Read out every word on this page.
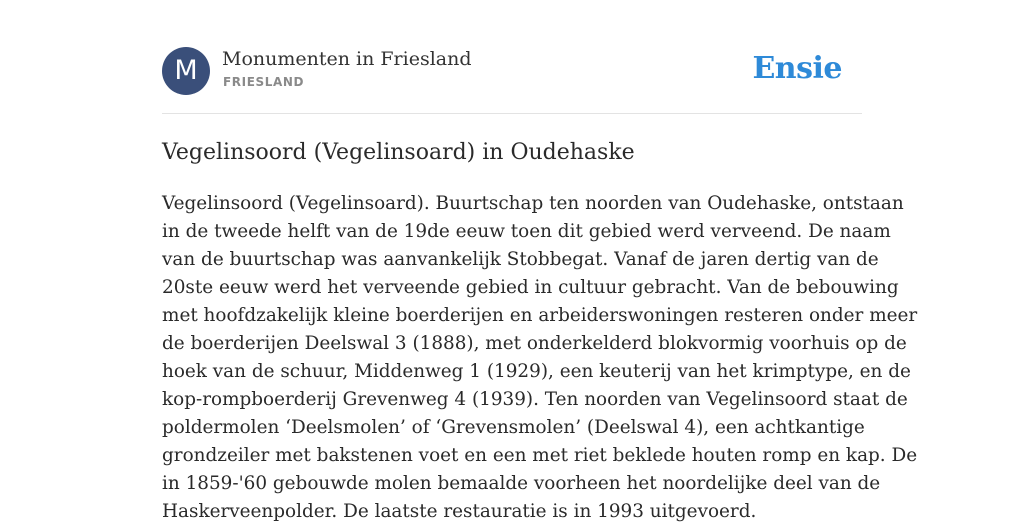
M	Monumenten in Friesland
FRIESLAND	Ensie
Vegelinsoord (Vegelinsoard) in Oudehaske
Vegelinsoord (Vegelinsoard). Buurtschap ten noorden van Oudehaske, ontstaan
in de tweede helft van de 19de eeuw toen dit gebied werd verveend. De naam
van de buurtschap was aanvankelijk Stobbegat. Vanaf de jaren dertig van de
20ste eeuw werd het verveende gebied in cultuur gebracht. Van de bebouwing
met hoofdzakelijk kleine boerderijen en arbeiderswoningen resteren onder meer
de boerderijen Deelswal 3 (1888), met onderkelderd blokvormig voorhuis op de
hoek van de schuur, Middenweg 1 (1929), een keuterij van het krimptype, en de
kop-rompboerderij Grevenweg 4 (1939). Ten noorden van Vegelinsoord staat de
poldermolen ‘Deelsmolen’ of ‘Grevensmolen’ (Deelswal 4), een achtkantige
grondzeiler met bakstenen voet en een met riet beklede houten romp en kap. De
in 1859-'60 gebouwde molen bemaalde voorheen het noordelijke deel van de
Haskerveenpolder. De laatste restauratie is in 1993 uitgevoerd.
